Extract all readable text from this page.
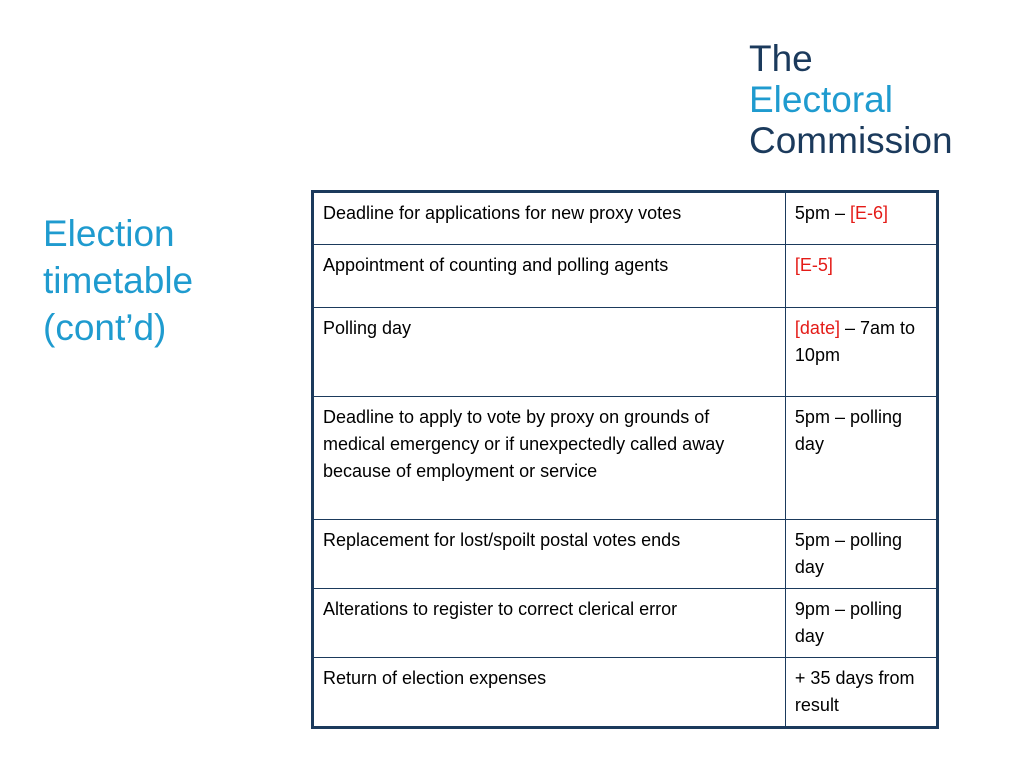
The
Electoral
Commission
Election
timetable
(cont’d)
Deadline for applications for new proxy votes	5pm – [E-6]
Appointment of counting and polling agents	[E-5]
Polling day	[date] – 7am to 10pm
Deadline to apply to vote by proxy on grounds of medical emergency or if unexpectedly called away because of employment or service	5pm – polling day
Replacement for lost/spoilt postal votes ends	5pm – polling day
Alterations to register to correct clerical error	9pm – polling day
Return of election expenses	+ 35 days from result
